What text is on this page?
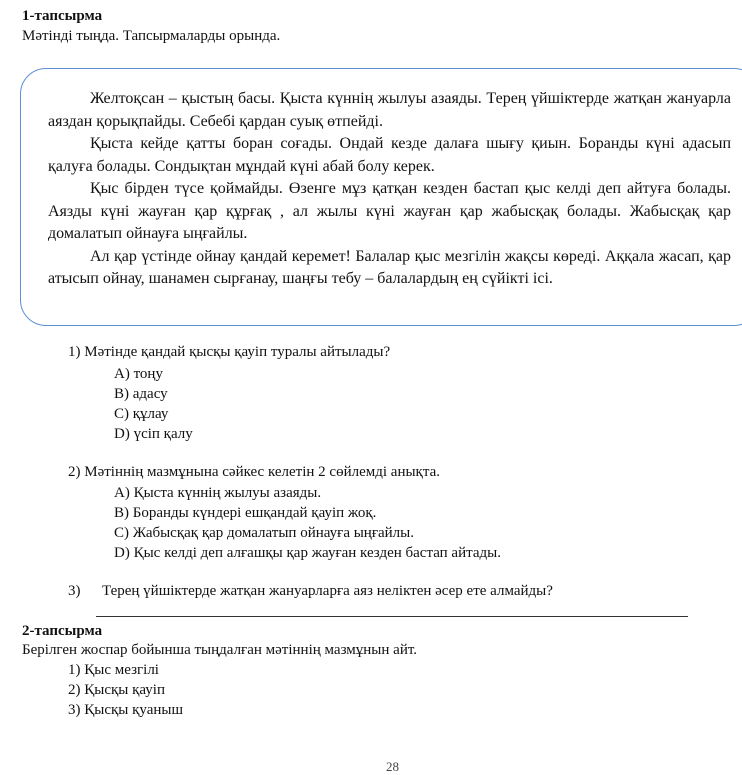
1-тапсырма
Мәтінді тыңда. Тапсырмаларды орында.

Желтоқсан – қыстың басы. Қыста күннің жылуы азаяды. Терең үйшіктерде жатқан жануарла аяздан қорықпайды. Себебі қардан суық өтпейді.

Қыста кейде қатты боран соғады. Ондай кезде далаға шығу қиын. Боранды күні адасып қалуға болады. Сондықтан мұндай күні абай болу керек.

Қыс бірден түсе қоймайды. Өзенге мұз қатқан кезден бастап қыс келді деп айтуға болады. Аязды күні жауған қар құрғақ , ал жылы күні жауған қар жабысқақ болады. Жабысқақ қар домалатып ойнауға ыңғайлы.

Ал қар үстінде ойнау қандай керемет! Балалар қыс мезгілін жақсы көреді. Аққала жасап, қар атысып ойнау, шанамен сырғанау, шаңғы тебу – балалардың ең сүйікті ісі.

1) Мәтінде қандай қысқы қауіп туралы айтылады?
А) тоңу
В) адасу
С) құлау
D) үсіп қалу
2) Мәтіннің мазмұнына сәйкес келетін 2 сөйлемді анықта.
А) Қыста күннің жылуы азаяды.
В) Боранды күндері ешқандай қауіп жоқ.
С) Жабысқақ қар домалатып ойнауға ыңғайлы.
D) Қыс келді деп алғашқы қар жауған кезден бастап айтады.
3) Терең үйшіктерде жатқан жануарларға аяз неліктен әсер ете алмайды?
2-тапсырма
Берілген жоспар бойынша тыңдалған мәтіннің мазмұнын айт.
1) Қыс мезгілі
2) Қысқы қауіп
3) Қысқы қуаныш
28
